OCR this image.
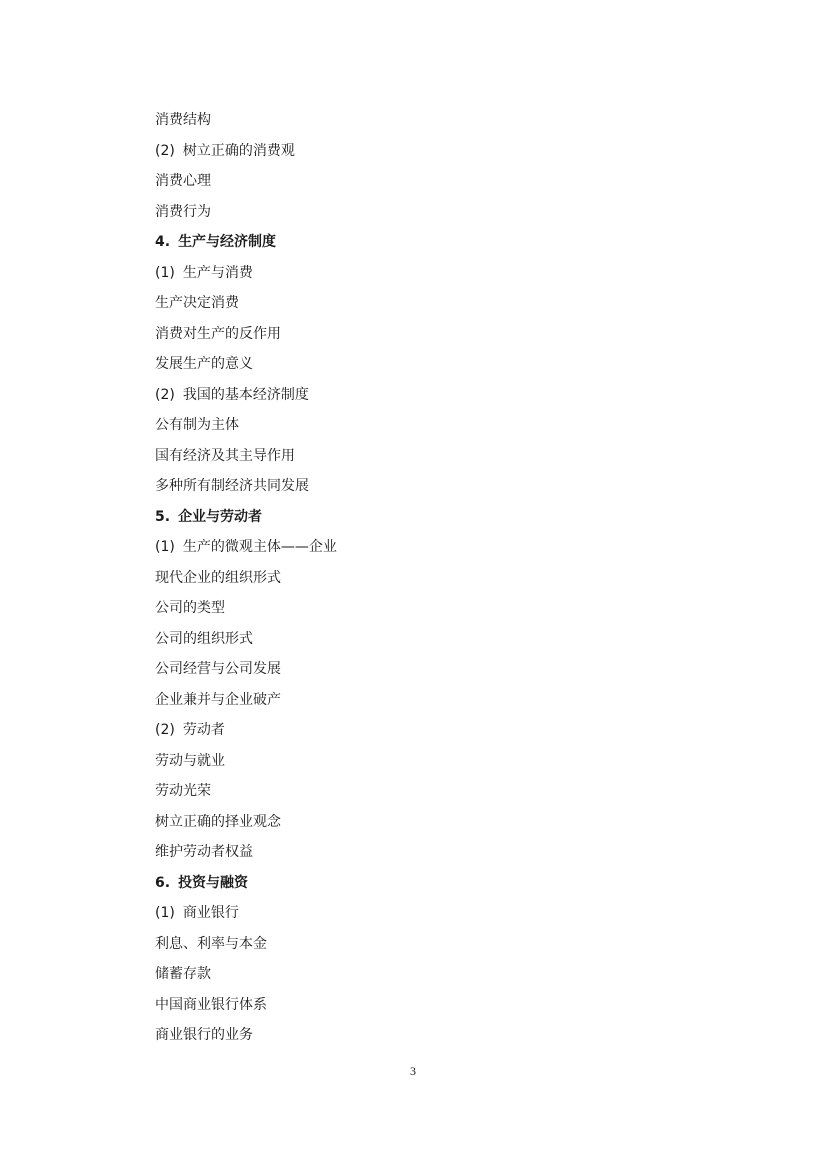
消费结构
(2) 树立正确的消费观
消费心理
消费行为
4. 生产与经济制度
(1) 生产与消费
生产决定消费
消费对生产的反作用
发展生产的意义
(2) 我国的基本经济制度
公有制为主体
国有经济及其主导作用
多种所有制经济共同发展
5. 企业与劳动者
(1) 生产的微观主体——企业
现代企业的组织形式
公司的类型
公司的组织形式
公司经营与公司发展
企业兼并与企业破产
(2) 劳动者
劳动与就业
劳动光荣
树立正确的择业观念
维护劳动者权益
6. 投资与融资
(1) 商业银行
利息、利率与本金
储蓄存款
中国商业银行体系
商业银行的业务
3
